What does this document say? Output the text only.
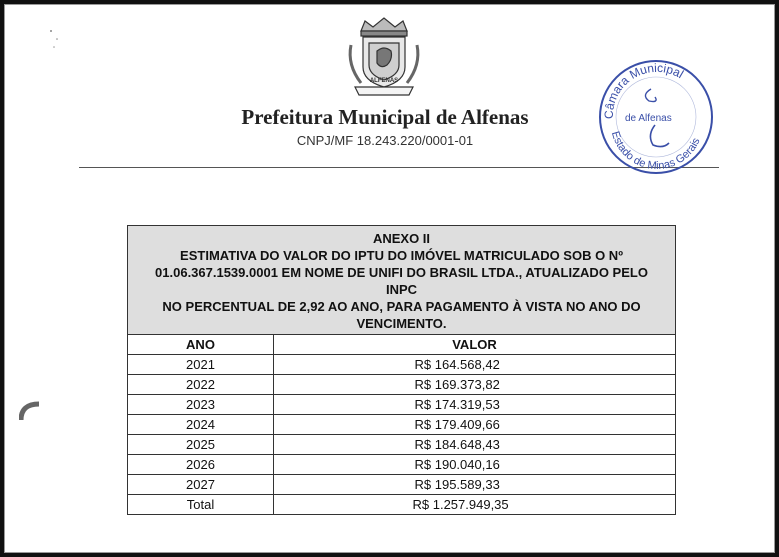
ALFENAS
Prefeitura Municipal de Alfenas
CNPJ/MF 18.243.220/0001-01
Câmara Municipal
de Alfenas
Estado de Minas Gerais
ANEXO II
ESTIMATIVA DO VALOR DO IPTU DO IMÓVEL MATRICULADO SOB O Nº
01.06.367.1539.0001 EM NOME DE UNIFI DO BRASIL LTDA., ATUALIZADO PELO INPC
NO PERCENTUAL DE 2,92 AO ANO, PARA PAGAMENTO À VISTA NO ANO DO
VENCIMENTO.	

ANO	VALOR
2021	R$ 164.568,42
2022	R$ 169.373,82
2023	R$ 174.319,53
2024	R$ 179.409,66
2025	R$ 184.648,43
2026	R$ 190.040,16
2027	R$ 195.589,33
Total	R$ 1.257.949,35
